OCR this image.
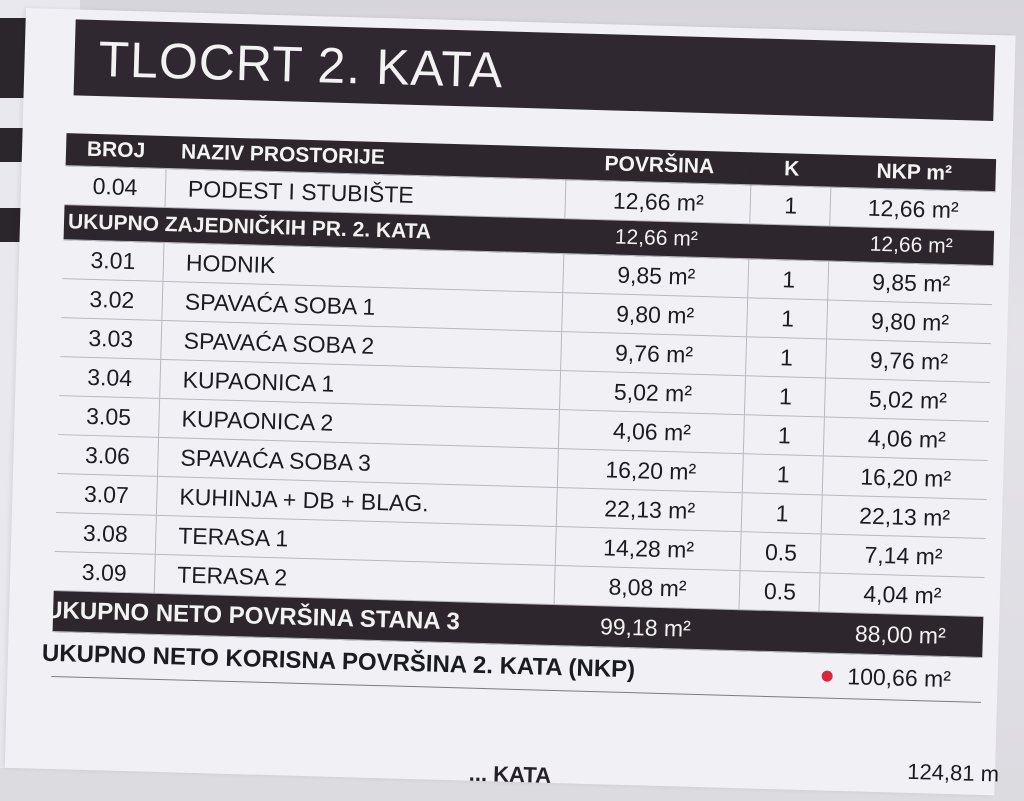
TLOCRT 2. KATA
BROJ	NAZIV PROSTORIJE	POVRŠINA	K	NKP m²
0.04	PODEST I STUBIŠTE	12,66 m²	1	12,66 m²
UKUPNO ZAJEDNIČKIH PR. 2. KATA	12,66 m²	12,66 m²
3.01	HODNIK	9,85 m²	1	9,85 m²
3.02	SPAVAĆA SOBA 1	9,80 m²	1	9,80 m²
3.03	SPAVAĆA SOBA 2	9,76 m²	1	9,76 m²
3.04	KUPAONICA 1	5,02 m²	1	5,02 m²
3.05	KUPAONICA 2	4,06 m²	1	4,06 m²
3.06	SPAVAĆA SOBA 3	16,20 m²	1	16,20 m²
3.07	KUHINJA + DB + BLAG.	22,13 m²	1	22,13 m²
3.08	TERASA 1	14,28 m²	0.5	7,14 m²
3.09	TERASA 2	8,08 m²	0.5	4,04 m²
UKUPNO NETO POVRŠINA STANA 3	99,18 m²	88,00 m²
UKUPNO NETO KORISNA POVRŠINA 2. KATA (NKP)	100,66 m²
... KATA	124,81 m
